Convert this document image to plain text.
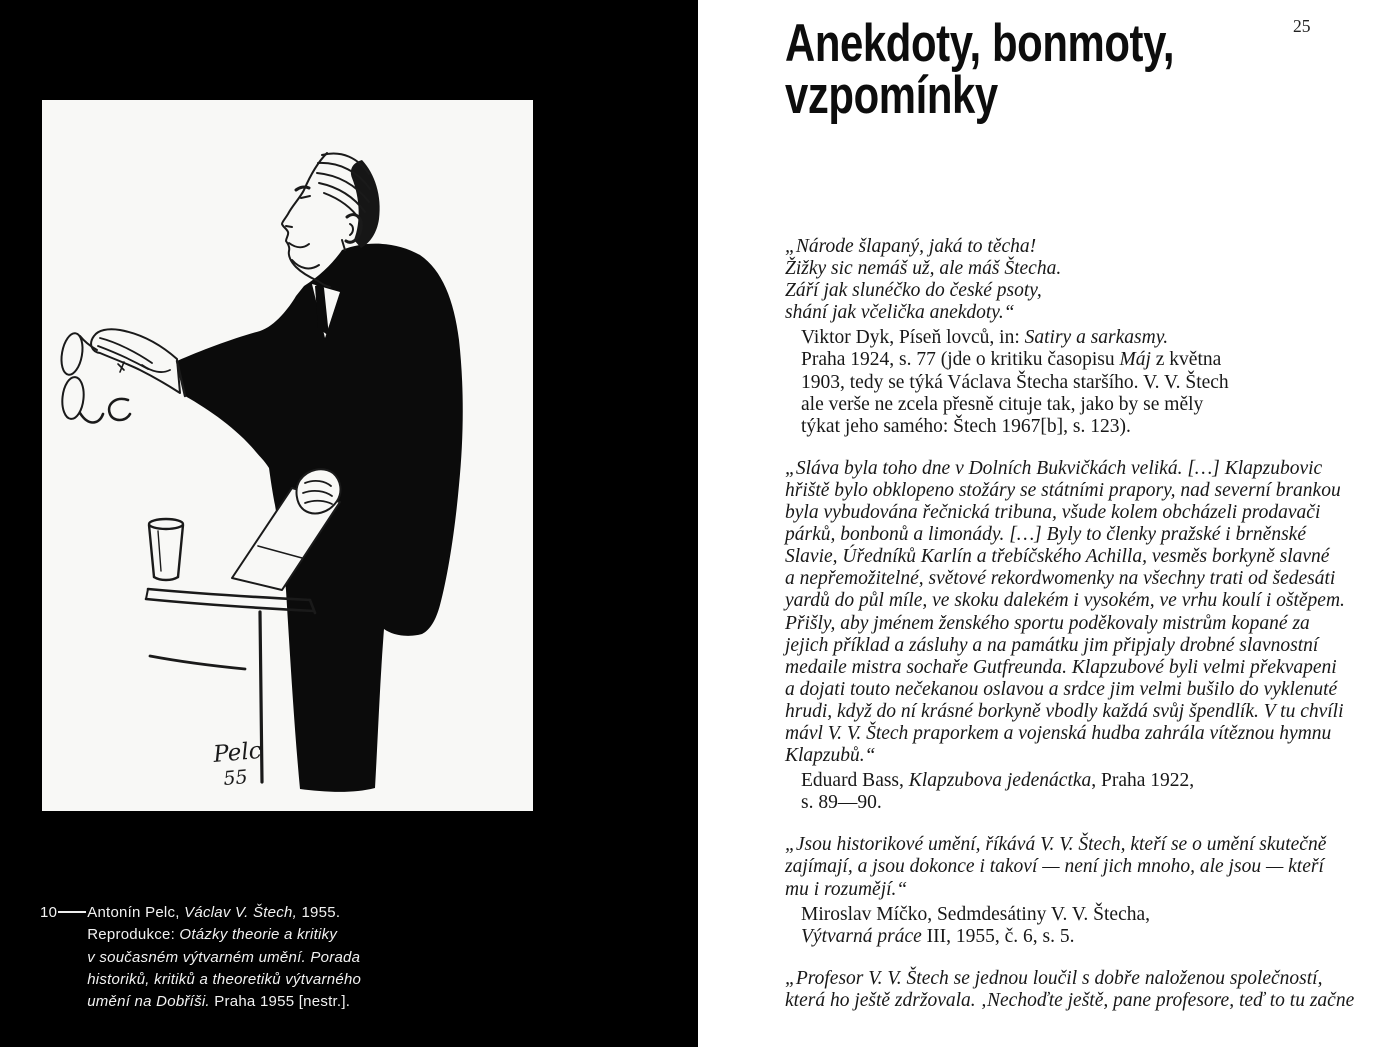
Pelc
55
10 Antonín Pelc, Václav V. Štech, 1955.
Reprodukce: Otázky theorie a kritiky
v současném výtvarném umění. Porada
historiků, kritiků a theoretiků výtvarného
umění na Dobříši. Praha 1955 [nestr.].
Anekdoty, bonmoty,
vzpomínky
25
„Národe šlapaný, jaká to těcha!
Žižky sic nemáš už, ale máš Štecha.
Září jak slunéčko do české psoty,
shání jak včelička anekdoty.“
Viktor Dyk, Píseň lovců, in: Satiry a sarkasmy.
Praha 1924, s. 77 (jde o kritiku časopisu Máj z května
1903, tedy se týká Václava Štecha staršího. V. V. Štech
ale verše ne zcela přesně cituje tak, jako by se měly
týkat jeho samého: Štech 1967[b], s. 123).
„Sláva byla toho dne v Dolních Bukvičkách veliká. […] Klapzubovic
hřiště bylo obklopeno stožáry se státními prapory, nad severní brankou
byla vybudována řečnická tribuna, všude kolem obcházeli prodavači
párků, bonbonů a limonády. […] Byly to členky pražské i brněnské
Slavie, Úředníků Karlín a třebíčského Achilla, vesměs borkyně slavné
a nepřemožitelné, světové rekordwomenky na všechny trati od šedesáti
yardů do půl míle, ve skoku dalekém i vysokém, ve vrhu koulí i oštěpem.
Přišly, aby jménem ženského sportu poděkovaly mistrům kopané za
jejich příklad a zásluhy a na památku jim připjaly drobné slavnostní
medaile mistra sochaře Gutfreunda. Klapzubové byli velmi překvapeni
a dojati touto nečekanou oslavou a srdce jim velmi bušilo do vyklenuté
hrudi, když do ní krásné borkyně vbodly každá svůj špendlík. V tu chvíli
mávl V. V. Štech praporkem a vojenská hudba zahrála vítěznou hymnu
Klapzubů.“
Eduard Bass, Klapzubova jedenáctka, Praha 1922,
s. 89—90.
„Jsou historikové umění, říkává V. V. Štech, kteří se o umění skutečně
zajímají, a jsou dokonce i takoví — není jich mnoho, ale jsou — kteří
mu i rozumějí.“
Miroslav Míčko, Sedmdesátiny V. V. Štecha,
Výtvarná práce III, 1955, č. 6, s. 5.
„Profesor V. V. Štech se jednou loučil s dobře naloženou společností,
která ho ještě zdržovala. ‚Nechoďte ještě, pane profesore, teď to tu začne
